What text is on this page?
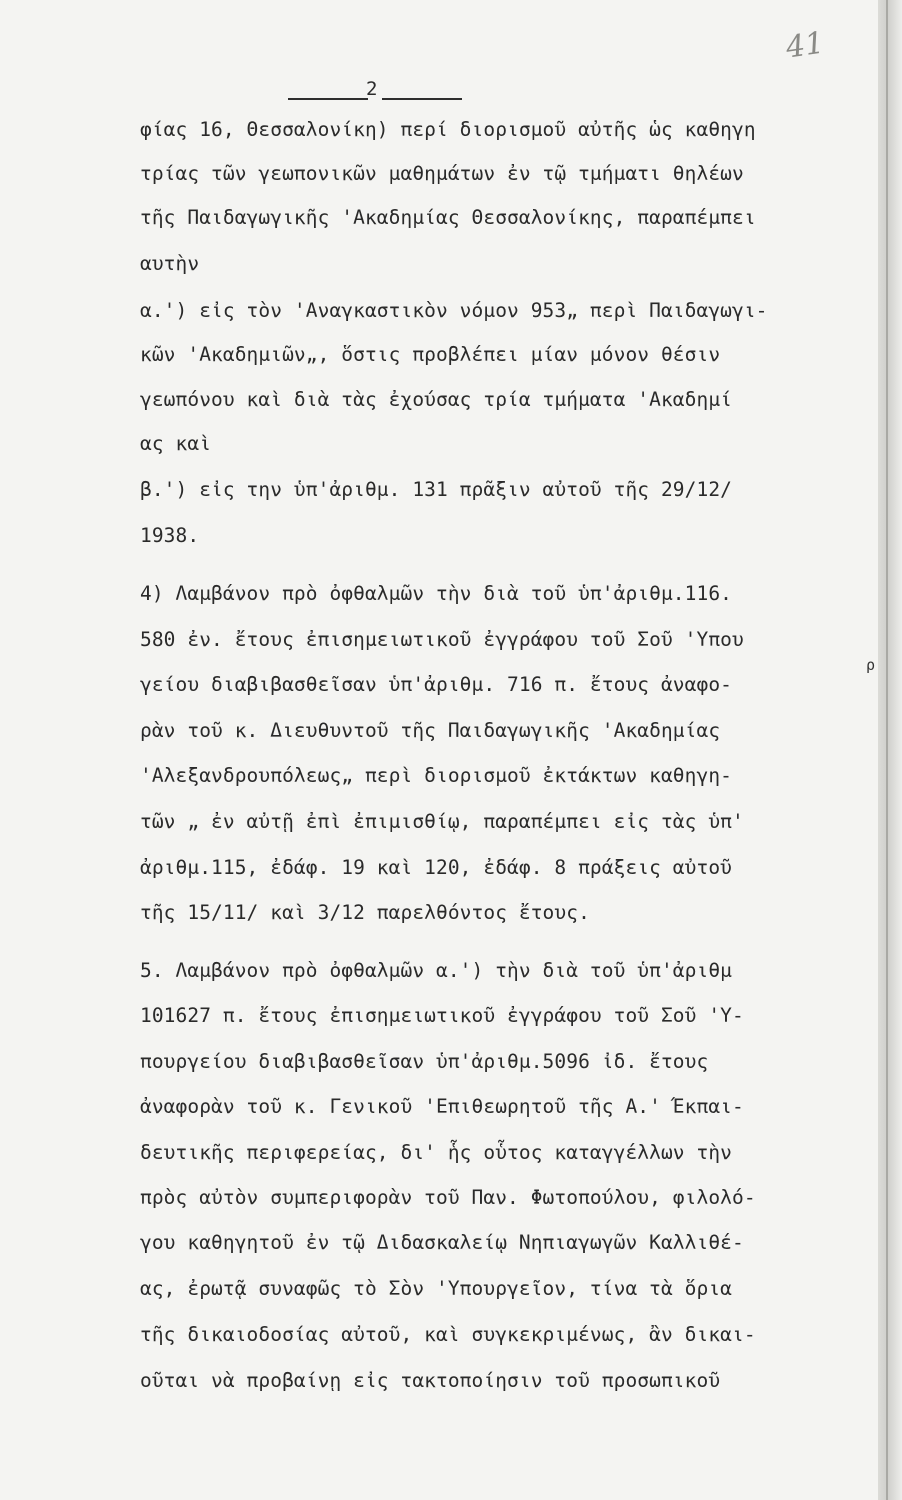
41
2
φίας 16, Θεσσαλονίκη) περί διορισμοῦ αὐτῆς ὡς καθηγη
τρίας τῶν γεωπονικῶν μαθημάτων ἐν τῷ τμήματι θηλέων
τῆς Παιδαγωγικῆς 'Ακαδημίας Θεσσαλονίκης, παραπέμπει
αυτὴν
α.') εἰς τὸν 'Αναγκαστικὸν νόμον 953„ περὶ Παιδαγωγι-
κῶν 'Ακαδημιῶν„, ὅστις προβλέπει μίαν μόνον θέσιν
γεωπόνου καὶ διὰ τὰς ἐχούσας τρία τμήματα 'Ακαδημί
ας καὶ
β.') εἰς την ὑπ'ἀριθμ. 131 πρᾶξιν αὐτοῦ τῆς 29/12/
1938.
4) Λαμβάνον πρὸ ὀφθαλμῶν τὴν διὰ τοῦ ὑπ'ἀριθμ.116.
580 ἐν. ἔτους ἐπισημειωτικοῦ ἐγγράφου τοῦ Σοῦ 'Υπου
γείου διαβιβασθεῖσαν ὑπ'ἀριθμ. 716 π. ἔτους ἀναφο-
ρὰν τοῦ κ. Διευθυντοῦ τῆς Παιδαγωγικῆς 'Ακαδημίας
'Αλεξανδρουπόλεως„ περὶ διορισμοῦ ἐκτάκτων καθηγη-
τῶν „ ἐν αὐτῇ ἐπὶ ἐπιμισθίῳ, παραπέμπει εἰς τὰς ὑπ'
ἀριθμ.115, ἐδάφ. 19 καὶ 120, ἐδάφ. 8 πράξεις αὐτοῦ
τῆς 15/11/ καὶ 3/12 παρελθόντος ἔτους.
5. Λαμβάνον πρὸ ὀφθαλμῶν α.') τὴν διὰ τοῦ ὑπ'ἀριθμ
101627 π. ἔτους ἐπισημειωτικοῦ ἐγγράφου τοῦ Σοῦ 'Υ-
πουργείου διαβιβασθεῖσαν ὑπ'ἀριθμ.5096 ἰδ. ἔτους
ἀναφορὰν τοῦ κ. Γενικοῦ 'Επιθεωρητοῦ τῆς Α.' Έκπαι-
δευτικῆς περιφερείας, δι' ἧς οὗτος καταγγέλλων τὴν
πρὸς αὐτὸν συμπεριφορὰν τοῦ Παν. Φωτοπούλου, φιλολό-
γου καθηγητοῦ ἐν τῷ Διδασκαλείῳ Νηπιαγωγῶν Καλλιθέ-
ας, ἐρωτᾷ συναφῶς τὸ Σὸν 'Υπουργεῖον, τίνα τὰ ὅρια
τῆς δικαιοδοσίας αὐτοῦ, καὶ συγκεκριμένως, ἂν δικαι-
οῦται νὰ προβαίνῃ εἰς τακτοποίησιν τοῦ προσωπικοῦ
ρ
